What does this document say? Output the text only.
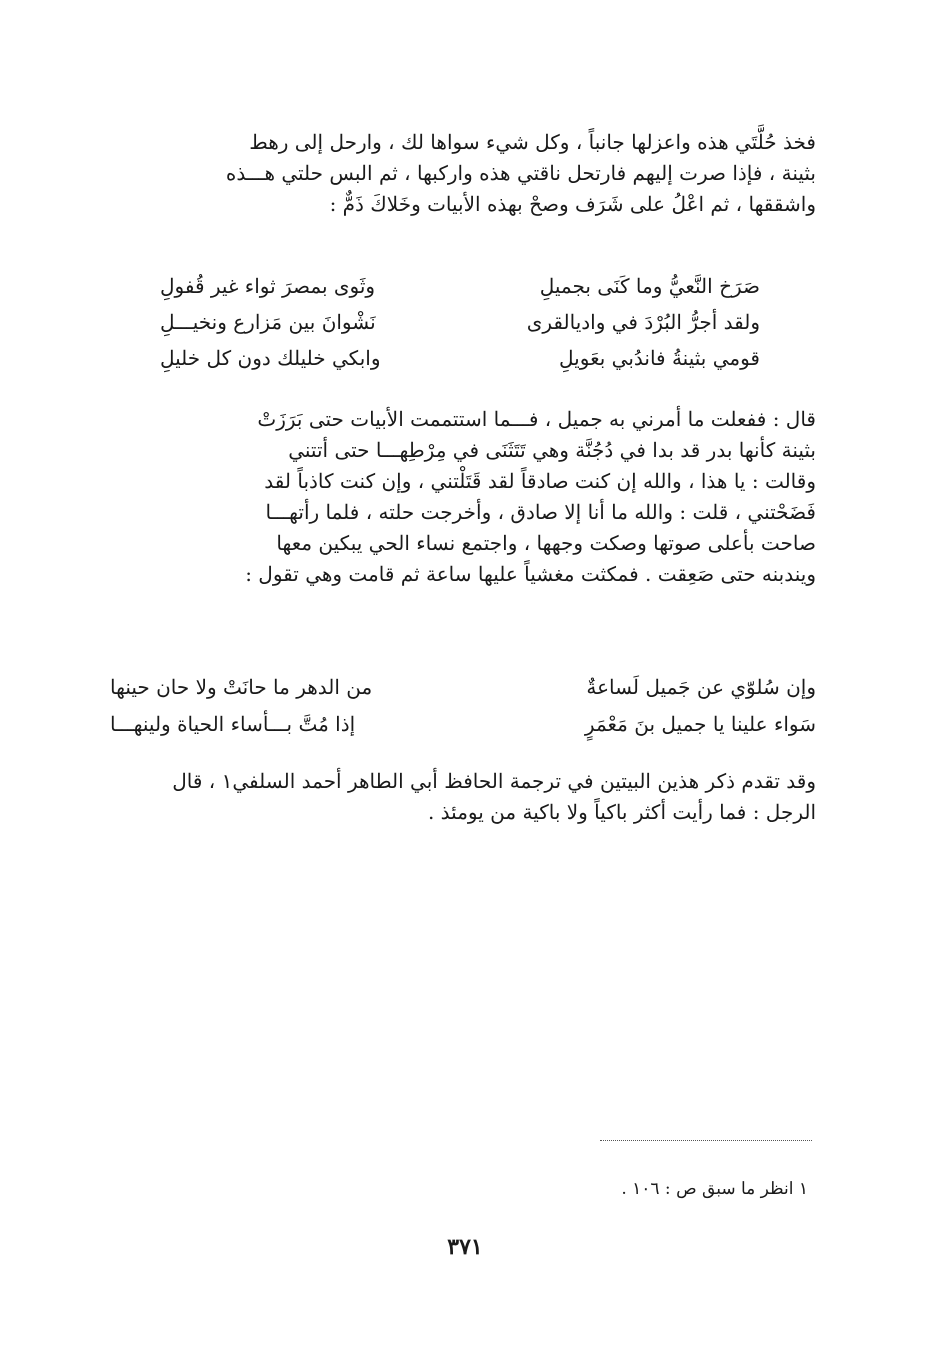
فخذ حُلَّتَي هذه واعزلها جانباً ، وكل شيء سواها لك ، وارحل إلى رهط

بثينة ، فإذا صرت إليهم فارتحل ناقتي هذه واركبها ، ثم البس حلتي هـــذه

واشققها ، ثم اعْلُ على شَرَف وصحْ بهذه الأبيات وخَلاكَ ذَمٌّ :

صَرَخ النَّعيُّ وما كَنَى بجميلِ
وثَوى بمصرَ ثواء غير قُفولِ
ولقد أجرُّ البُرْدَ في واديالقرى
نَشْوانَ بين مَزارع ونخيـــلِ
قومي بثينةُ فاندُبي بعَويلِ
وابكي خليلك دون كل خليلِ

قال : ففعلت ما أمرني به جميل ، فـــما استتممت الأبيات حتى بَرَزَتْ

بثينة كأنها بدر قد بدا في دُجُنَّة وهي تَتَثَنَى في مِرْطِهـــا حتى أتتني

وقالت : يا هذا ، والله إن كنت صادقاً لقد قَتَلْتني ، وإن كنت كاذباً لقد

فَضَحْتني ، قلت : والله ما أنا إلا صادق ، وأخرجت حلته ، فلما رأتهـــا

صاحت بأعلى صوتها وصكت وجهها ، واجتمع نساء الحي يبكين معها

ويندبنه حتى صَعِقت . فمكثت مغشياً عليها ساعة ثم قامت وهي تقول :

وإن سُلوّي عن جَميل لَساعةٌ
من الدهر ما حانَتْ ولا حان حينها
سَواء علينا يا جميل بنَ مَعْمَرٍ
إذا مُتَّ بـــأساء الحياة ولينهـــا

وقد تقدم ذكر هذين البيتين في ترجمة الحافظ أبي الطاهر أحمد السلفي١ ، قال

الرجل : فما رأيت أكثر باكياً ولا باكية من يومئذ .

١ انظر ما سبق ص : ١٠٦ .
٣٧١
